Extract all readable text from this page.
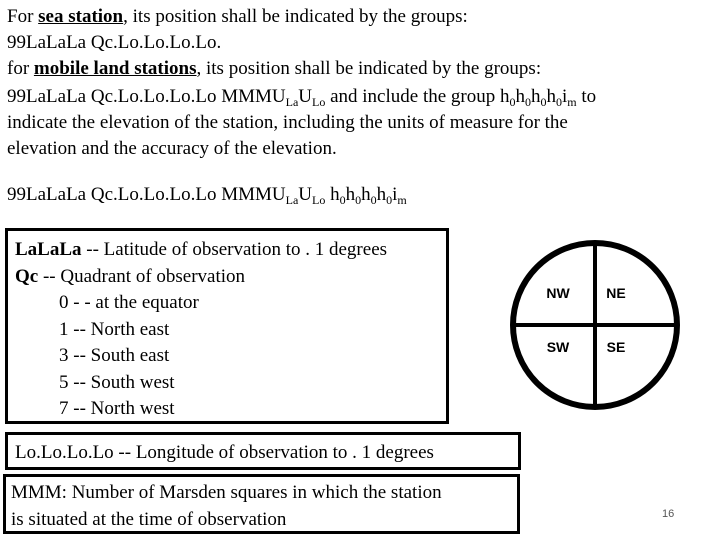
For sea station, its position shall be indicated by the groups:
99LaLaLa Qc.Lo.Lo.Lo.Lo.
for mobile land stations, its position shall be indicated by the groups:
99LaLaLa Qc.Lo.Lo.Lo.Lo $MMMU_{La}U_{Lo}$ and include the group $h_0h_0h_0h_0i_m$ to
indicate the elevation of the station, including the units of measure for the
elevation and the accuracy of the elevation.
99LaLaLa Qc.Lo.Lo.Lo.Lo $MMMU_{La}U_{Lo}$ $h_0h_0h_0h_0i_m$
LaLaLa -- Latitude of observation to . 1 degrees
Qc -- Quadrant of observation
0 - - at the equator
1 -- North east
3 -- South east
5 -- South west
7 -- North west
NW	NE
SW	SE
Lo.Lo.Lo.Lo -- Longitude of observation to . 1 degrees
MMM: Number of Marsden squares in which the station
is situated at the time of observation	16
